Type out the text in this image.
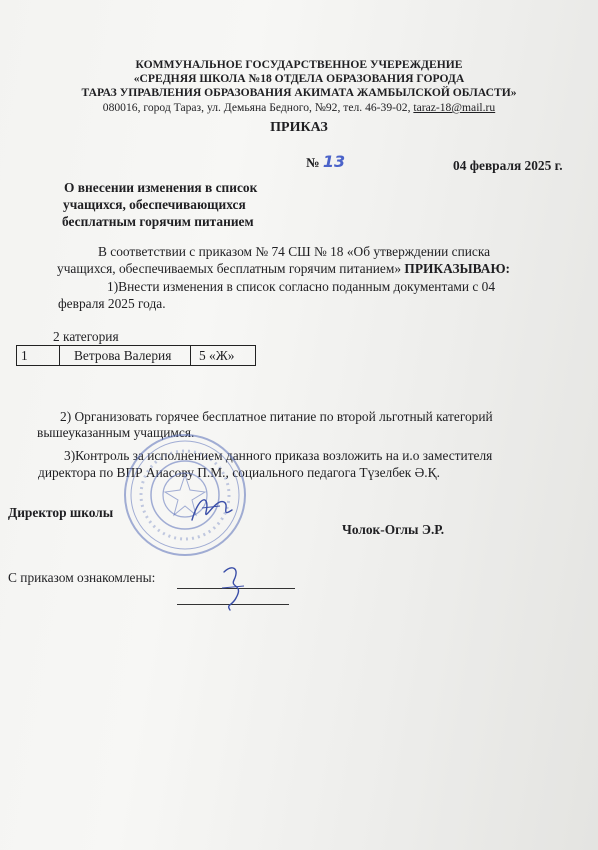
КОММУНАЛЬНОЕ ГОСУДАРСТВЕННОЕ УЧЕРЕЖДЕНИЕ
«СРЕДНЯЯ ШКОЛА №18 ОТДЕЛА ОБРАЗОВАНИЯ ГОРОДА
ТАРАЗ УПРАВЛЕНИЯ ОБРАЗОВАНИЯ АКИМАТА ЖАМБЫЛСКОЙ ОБЛАСТИ»
080016, город Тараз, ул. Демьяна Бедного, №92, тел. 46-39-02, taraz-18@mail.ru
ПРИКАЗ
№ 13	04 февраля 2025 г.
О внесении изменения в список
учащихся, обеспечивающихся
бесплатным горячим питанием
В соответствии с приказом № 74 СШ № 18 «Об утверждении списка
учащихся, обеспечиваемых бесплатным горячим питанием» ПРИКАЗЫВАЮ:
1)Внести изменения в список согласно поданным документами с 04
февраля 2025 года.
2 категория
1	Ветрова Валерия	5 «Ж»
2) Организовать горячее бесплатное питание по второй льготный категорий
вышеуказанным учащимся.
3)Контроль за исполнением данного приказа возложить на и.о заместителя
директора по ВПР Аиасову П.М., социального педагога Түзелбек Ә.Қ.
Директор школы
Чолок-Оглы Э.Р.
С приказом ознакомлены:
